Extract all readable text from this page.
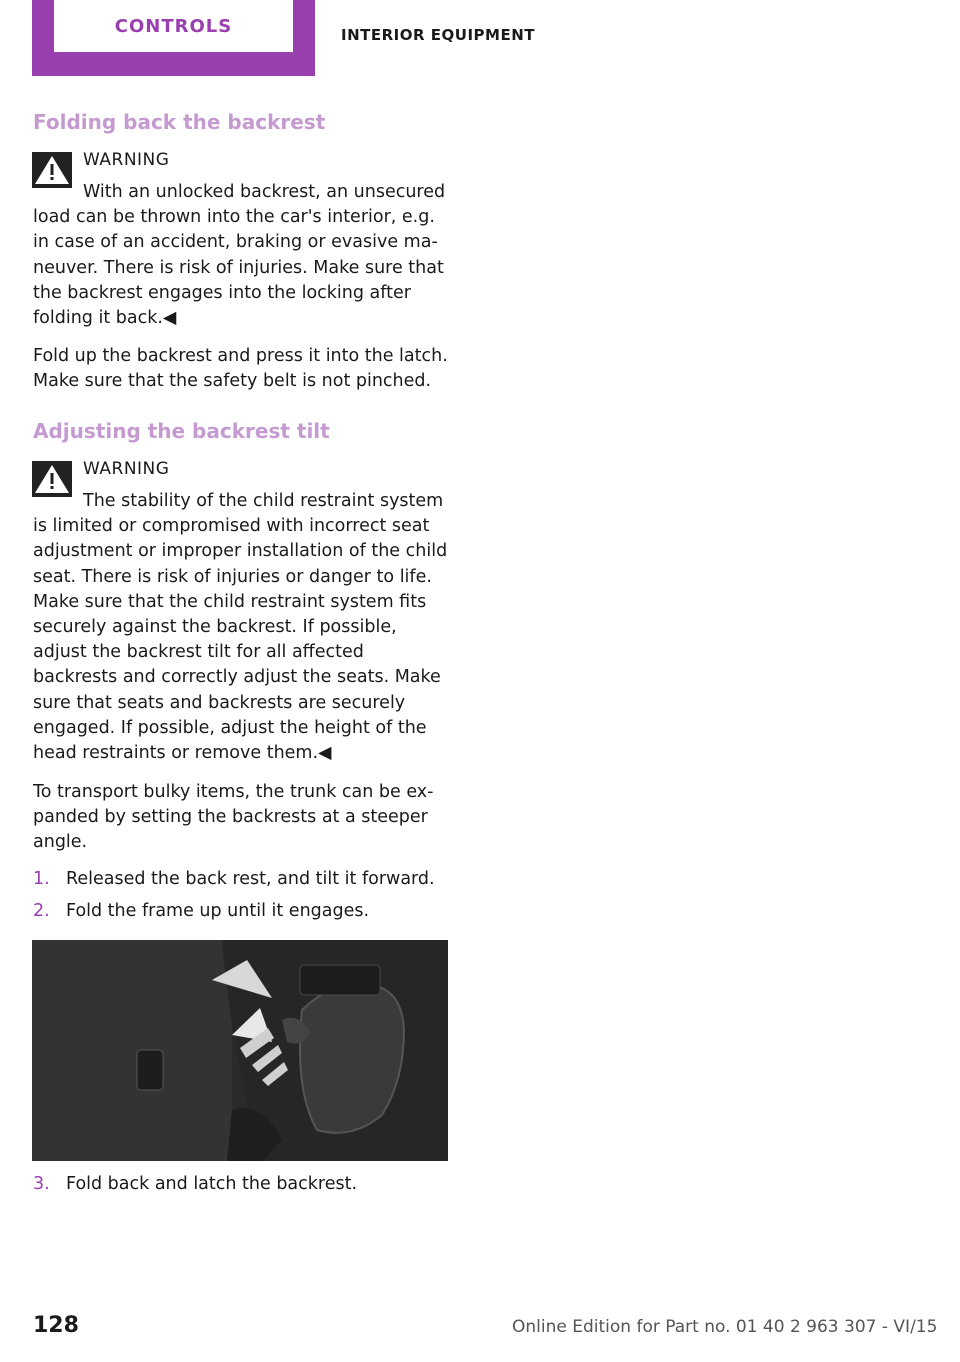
CONTROLS	INTERIOR EQUIPMENT
Folding back the backrest
WARNING

With an unlocked backrest, an unsecured load can be thrown into the car's interior, e.g. in case of an accident, braking or evasive maneuver. There is risk of injuries. Make sure that the backrest engages into the locking after folding it back.◀

Fold up the backrest and press it into the latch. Make sure that the safety belt is not pinched.

Adjusting the backrest tilt
WARNING

The stability of the child restraint system is limited or compromised with incorrect seat adjustment or improper installation of the child seat. There is risk of injuries or danger to life. Make sure that the child restraint system fits securely against the backrest. If possible, adjust the backrest tilt for all affected backrests and correctly adjust the seats. Make sure that seats and backrests are securely engaged. If possible, adjust the height of the head restraints or remove them.◀

To transport bulky items, the trunk can be expanded by setting the backrests at a steeper angle.

1. Released the back rest, and tilt it forward.
2. Fold the frame up until it engages.
3. Fold back and latch the backrest.
128	Online Edition for Part no. 01 40 2 963 307 - VI/15
